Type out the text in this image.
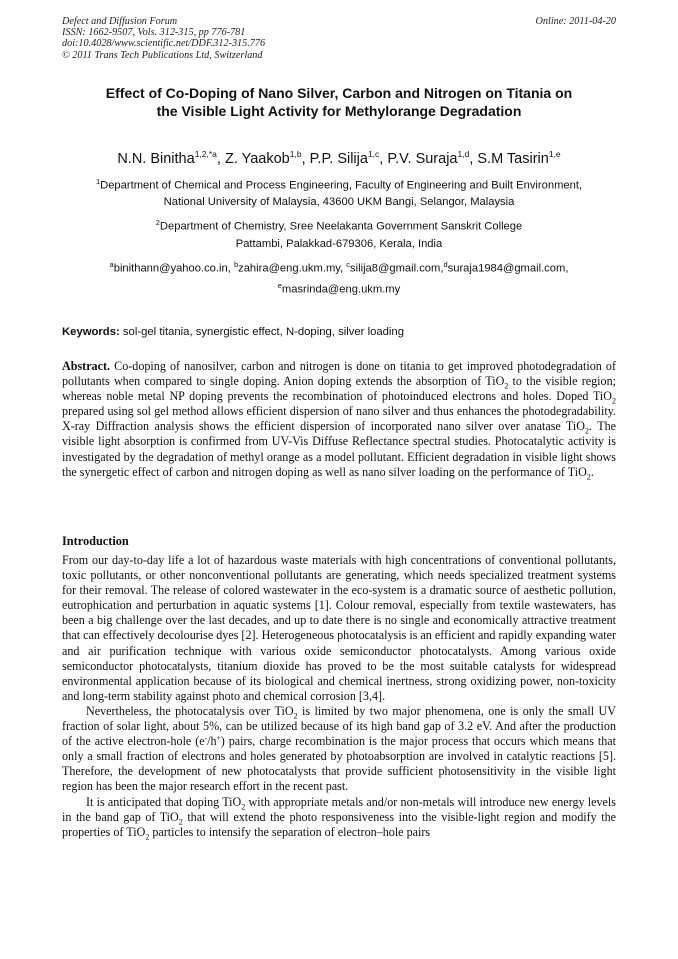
Defect and Diffusion Forum
ISSN: 1662-9507, Vols. 312-315, pp 776-781
doi:10.4028/www.scientific.net/DDF.312-315.776
© 2011 Trans Tech Publications Ltd, Switzerland
Online: 2011-04-20
Effect of Co-Doping of Nano Silver, Carbon and Nitrogen on Titania on
the Visible Light Activity for Methylorange Degradation
N.N. Binitha$^{1,2,*a}$, Z. Yaakob$^{1,b}$, P.P. Silija$^{1,c}$, P.V. Suraja$^{1,d}$, S.M Tasirin$^{1,e}$
$^1$Department of Chemical and Process Engineering, Faculty of Engineering and Built Environment,
National University of Malaysia, 43600 UKM Bangi, Selangor, Malaysia
$^2$Department of Chemistry, Sree Neelakanta Government Sanskrit College
Pattambi, Palakkad-679306, Kerala, India
$^a$binithann@yahoo.co.in, $^b$zahira@eng.ukm.my, $^c$silija8@gmail.com,$^d$suraja1984@gmail.com,
$^e$masrinda@eng.ukm.my
Keywords: sol-gel titania, synergistic effect, N-doping, silver loading
Abstract. Co-doping of nanosilver, carbon and nitrogen is done on titania to get improved photodegradation of pollutants when compared to single doping. Anion doping extends the absorption of TiO$_2$ to the visible region; whereas noble metal NP doping prevents the recombination of photoinduced electrons and holes. Doped TiO$_2$ prepared using sol gel method allows efficient dispersion of nano silver and thus enhances the photodegradability. X-ray Diffraction analysis shows the efficient dispersion of incorporated nano silver over anatase TiO$_2$. The visible light absorption is confirmed from UV-Vis Diffuse Reflectance spectral studies. Photocatalytic activity is investigated by the degradation of methyl orange as a model pollutant. Efficient degradation in visible light shows the synergetic effect of carbon and nitrogen doping as well as nano silver loading on the performance of TiO$_2$.
Introduction

From our day-to-day life a lot of hazardous waste materials with high concentrations of conventional pollutants, toxic pollutants, or other nonconventional pollutants are generating, which needs specialized treatment systems for their removal. The release of colored wastewater in the eco-system is a dramatic source of aesthetic pollution, eutrophication and perturbation in aquatic systems [1]. Colour removal, especially from textile wastewaters, has been a big challenge over the last decades, and up to date there is no single and economically attractive treatment that can effectively decolourise dyes [2]. Heterogeneous photocatalysis is an efficient and rapidly expanding water and air purification technique with various oxide semiconductor photocatalysts. Among various oxide semiconductor photocatalysts, titanium dioxide has proved to be the most suitable catalysts for widespread environmental application because of its biological and chemical inertness, strong oxidizing power, non-toxicity and long-term stability against photo and chemical corrosion [3,4].

Nevertheless, the photocatalysis over TiO$_2$ is limited by two major phenomena, one is only the small UV fraction of solar light, about 5%, can be utilized because of its high band gap of 3.2 eV. And after the production of the active electron-hole (e-/h+) pairs, charge recombination is the major process that occurs which means that only a small fraction of electrons and holes generated by photoabsorption are involved in catalytic reactions [5]. Therefore, the development of new photocatalysts that provide sufficient photosensitivity in the visible light region has been the major research effort in the recent past.

It is anticipated that doping TiO$_2$ with appropriate metals and/or non-metals will introduce new energy levels in the band gap of TiO$_2$ that will extend the photo responsiveness into the visible-light region and modify the properties of TiO$_2$ particles to intensify the separation of electron–hole pairs
